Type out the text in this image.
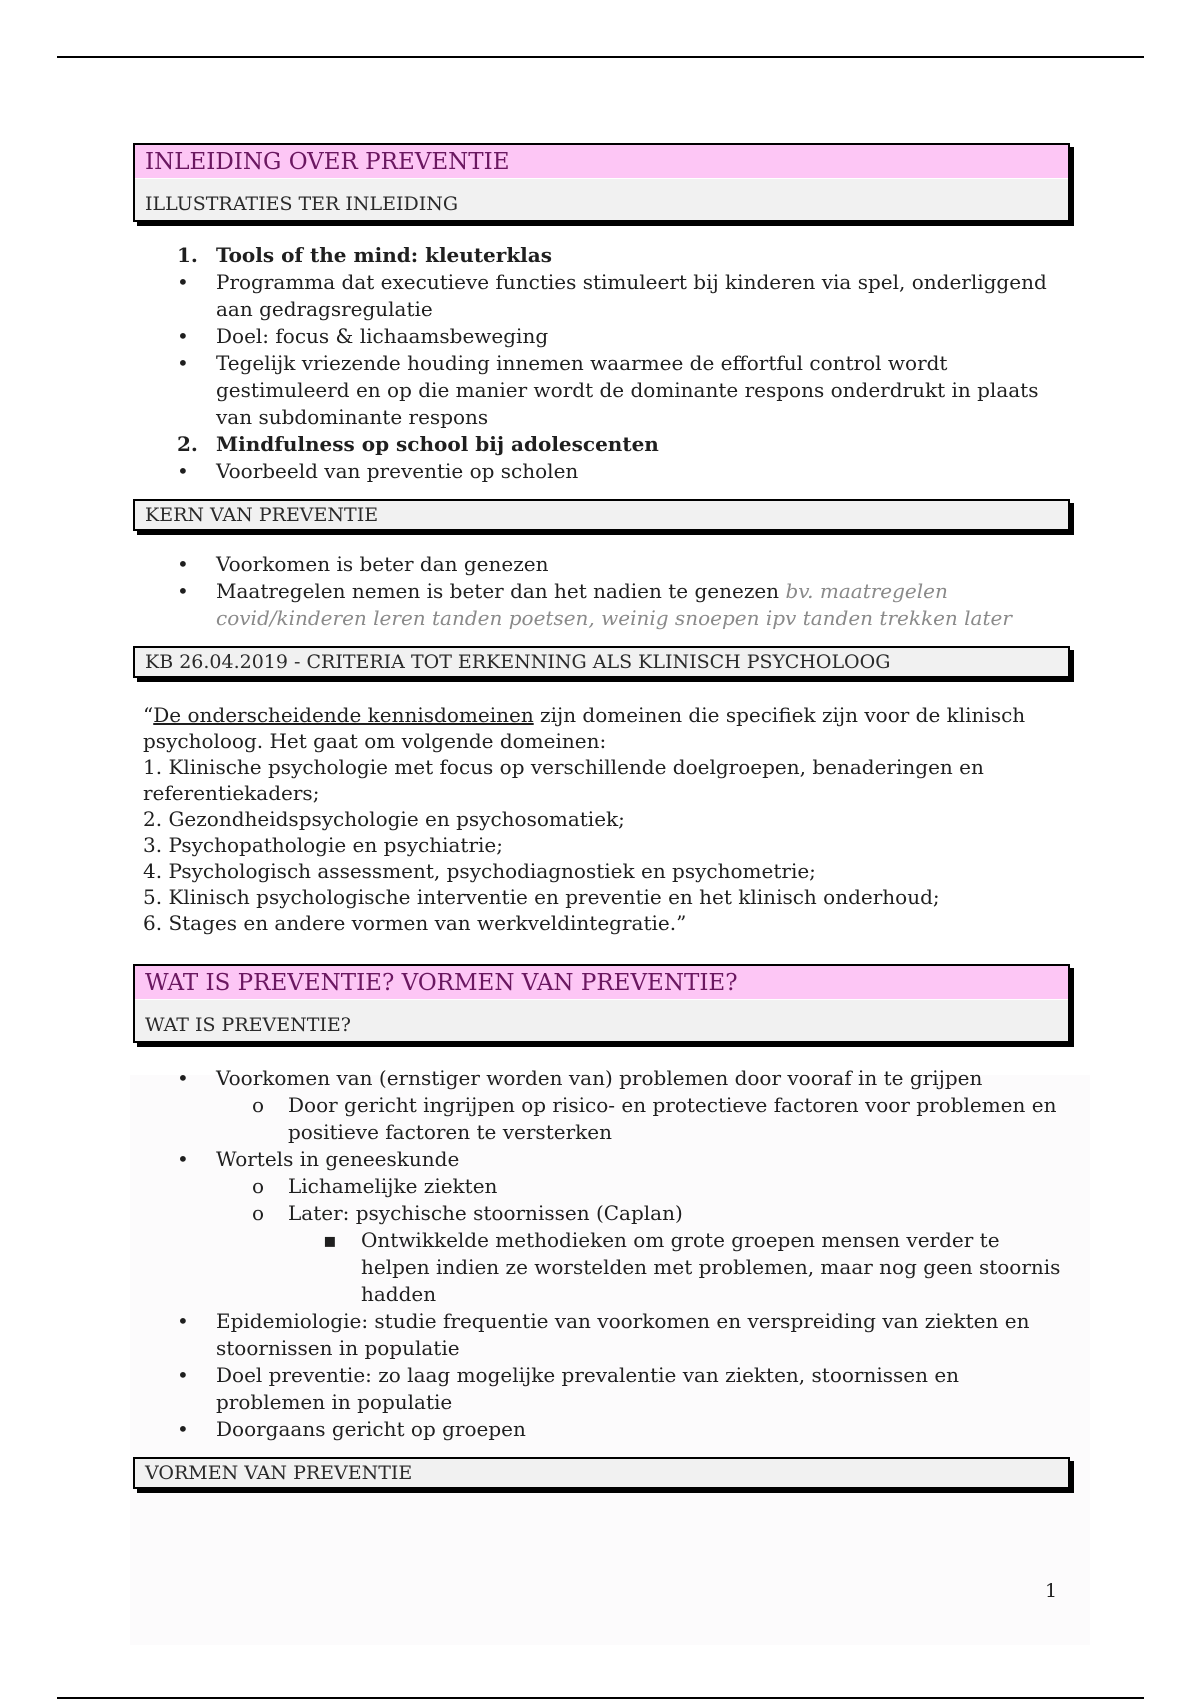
INLEIDING OVER PREVENTIE
ILLUSTRATIES TER INLEIDING
1. Tools of the mind: kleuterklas
•	Programma dat executieve functies stimuleert bij kinderen via spel, onderliggend aan gedragsregulatie
•	Doel: focus & lichaamsbeweging
•	Tegelijk vriezende houding innemen waarmee de effortful control wordt gestimuleerd en op die manier wordt de dominante respons onderdrukt in plaats van subdominante respons
2. Mindfulness op school bij adolescenten
•	Voorbeeld van preventie op scholen
KERN VAN PREVENTIE
•	Voorkomen is beter dan genezen
•	Maatregelen nemen is beter dan het nadien te genezen bv. maatregelen covid/kinderen leren tanden poetsen, weinig snoepen ipv tanden trekken later
KB 26.04.2019 - CRITERIA TOT ERKENNING ALS KLINISCH PSYCHOLOOG
“De onderscheidende kennisdomeinen zijn domeinen die specifiek zijn voor de klinisch psycholoog. Het gaat om volgende domeinen:
1. Klinische psychologie met focus op verschillende doelgroepen, benaderingen en referentiekaders;
2. Gezondheidspsychologie en psychosomatiek;
3. Psychopathologie en psychiatrie;
4. Psychologisch assessment, psychodiagnostiek en psychometrie;
5. Klinisch psychologische interventie en preventie en het klinisch onderhoud;
6. Stages en andere vormen van werkveldintegratie.”
WAT IS PREVENTIE? VORMEN VAN PREVENTIE?
WAT IS PREVENTIE?
•	Voorkomen van (ernstiger worden van) problemen door vooraf in te grijpen
o	Door gericht ingrijpen op risico- en protectieve factoren voor problemen en positieve factoren te versterken
•	Wortels in geneeskunde
o	Lichamelijke ziekten
o	Later: psychische stoornissen (Caplan)
▪	Ontwikkelde methodieken om grote groepen mensen verder te helpen indien ze worstelden met problemen, maar nog geen stoornis hadden
•	Epidemiologie: studie frequentie van voorkomen en verspreiding van ziekten en stoornissen in populatie
•	Doel preventie: zo laag mogelijke prevalentie van ziekten, stoornissen en problemen in populatie
•	Doorgaans gericht op groepen
VORMEN VAN PREVENTIE
1
